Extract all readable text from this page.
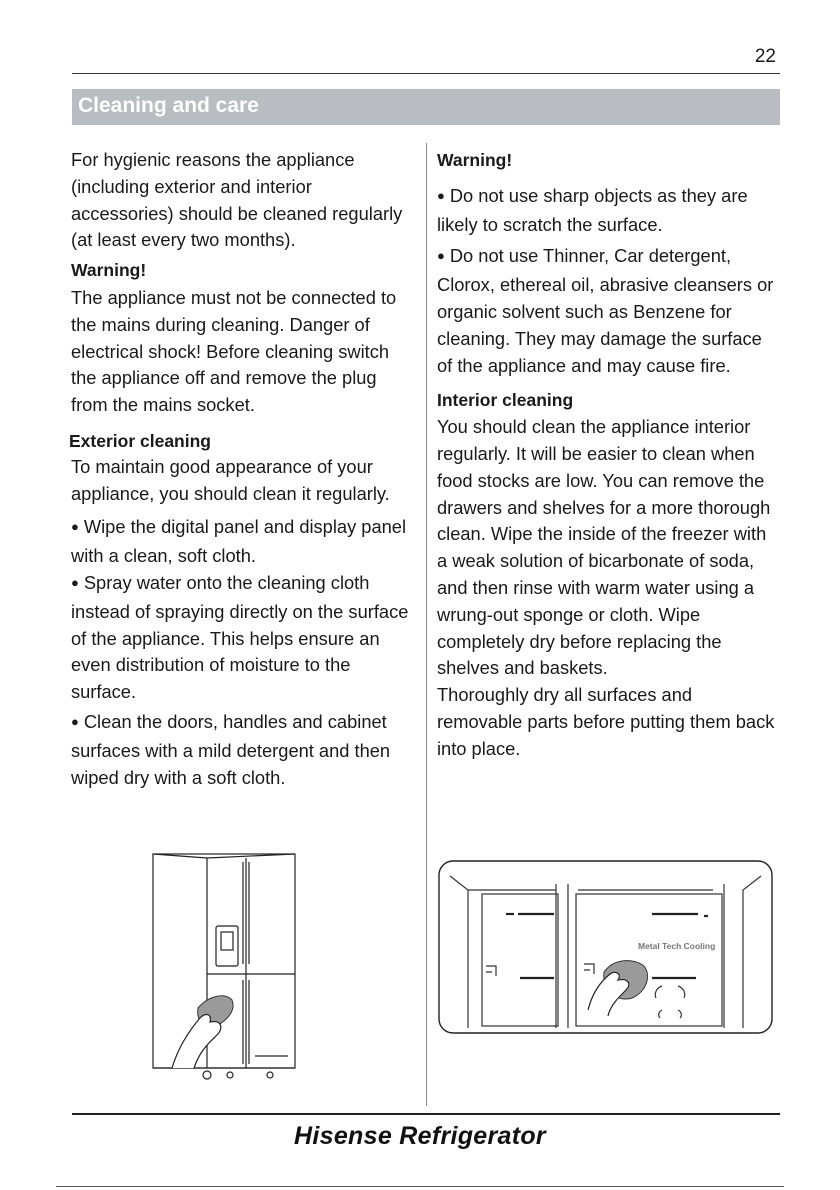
22
Cleaning and care

For hygienic reasons the appliance (including exterior and interior accessories) should be cleaned regularly (at least every two months).

Warning!

The appliance must not be connected to the mains during cleaning. Danger of electrical shock! Before cleaning switch the appliance off and remove the plug from the mains socket.

Exterior cleaning

To maintain good appearance of your appliance, you should clean it regularly.

● Wipe the digital panel and display panel with a clean, soft cloth.

● Spray water onto the cleaning cloth instead of spraying directly on the surface of the appliance. This helps ensure an even distribution of moisture to the surface.

● Clean the doors, handles and cabinet surfaces with a mild detergent and then wiped dry with a soft cloth.

Warning!

● Do not use sharp objects as they are likely to scratch the surface.

● Do not use Thinner, Car detergent, Clorox, ethereal oil, abrasive cleansers or organic solvent such as Benzene for cleaning. They may damage the surface of the appliance and may cause fire.

Interior cleaning

You should clean the appliance interior regularly. It will be easier to clean when food stocks are low. You can remove the drawers and shelves for a more thorough clean. Wipe the inside of the freezer with a weak solution of bicarbonate of soda, and then rinse with warm water using a wrung-out sponge or cloth. Wipe completely dry before replacing the shelves and baskets.

Thoroughly dry all surfaces and removable parts before putting them back into place.

Metal Tech Cooling
Hisense Refrigerator
